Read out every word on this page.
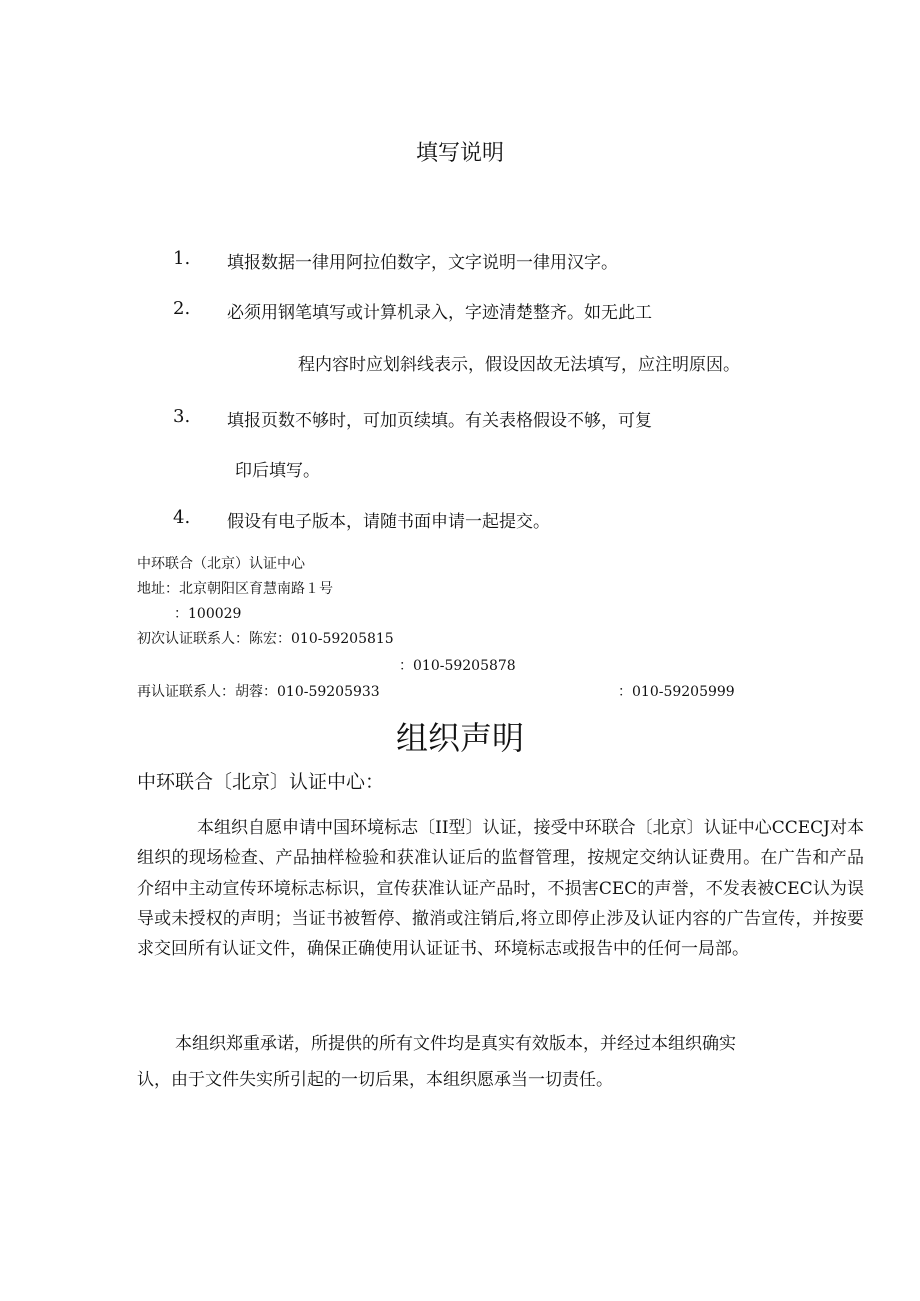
填写说明
1. 填报数据一律用阿拉伯数字，文字说明一律用汉字。
2. 必须用钢笔填写或计算机录入，字迹清楚整齐。如无此工
程内容时应划斜线表示，假设因故无法填写，应注明原因。
3. 填报页数不够时，可加页续填。有关表格假设不够，可复
印后填写。
4. 假设有电子版本，请随书面申请一起提交。
中环联合（北京）认证中心
地址：北京朝阳区育慧南路１号
：100029
初次认证联系人：陈宏：010-59205815
：010-59205878
再认证联系人：胡蓉：010-59205933	：010-59205999
组织声明
中环联合〔北京〕认证中心：
本组织自愿申请中国环境标志〔II型〕认证，接受中环联合〔北京〕认证中心CCECJ对本组织的现场检查、产品抽样检验和获准认证后的监督管理，按规定交纳认证费用。在广告和产品介绍中主动宣传环境标志标识，宣传获准认证产品时，不损害CEC的声誉，不发表被CEC认为误导或未授权的声明；当证书被暂停、撤消或注销后,将立即停止涉及认证内容的广告宣传，并按要求交回所有认证文件，确保正确使用认证证书、环境标志或报告中的任何一局部。
本组织郑重承诺，所提供的所有文件均是真实有效版本，并经过本组织确实
认，由于文件失实所引起的一切后果，本组织愿承当一切责任。
